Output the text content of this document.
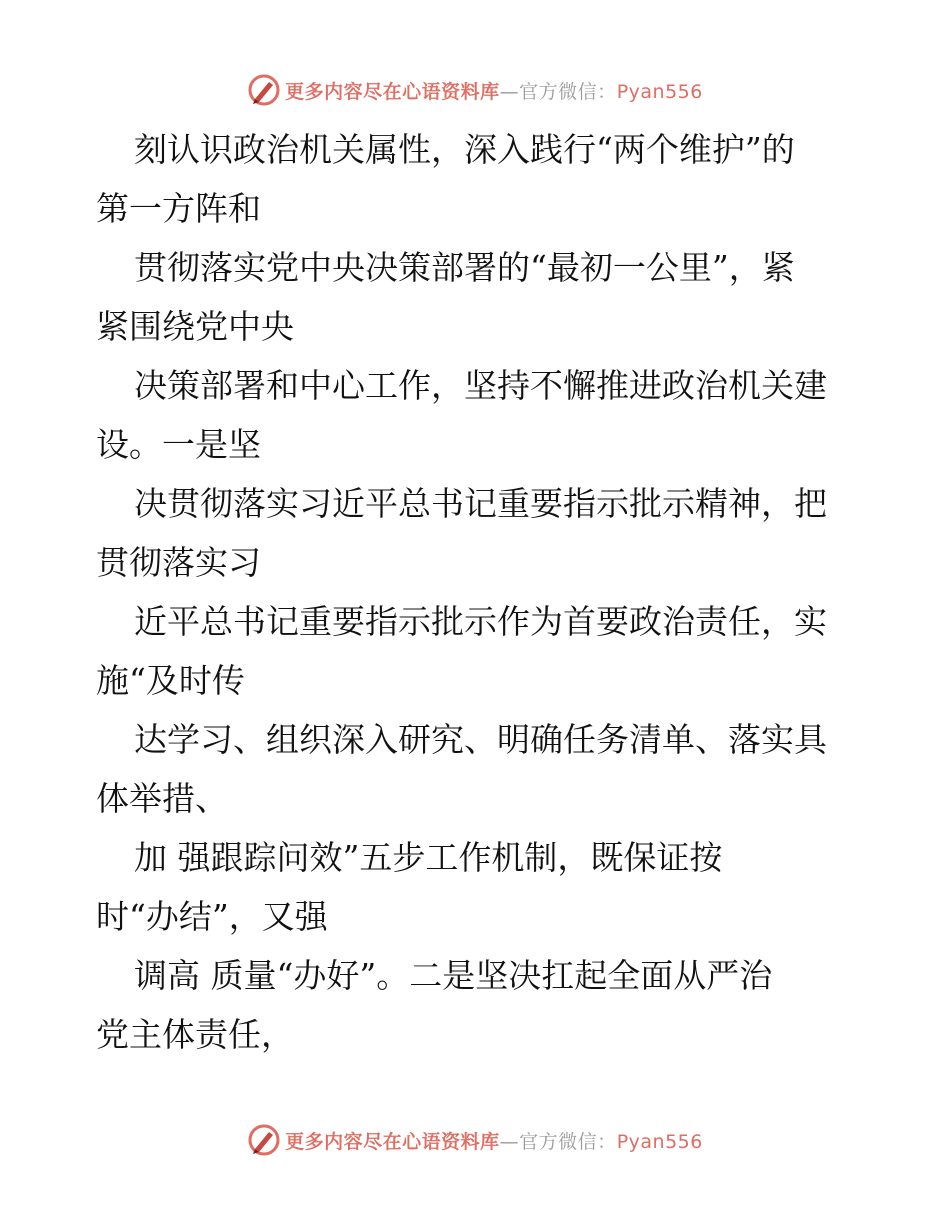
更多内容尽在心语资料库—官方微信：Pyan556

刻认识政治机关属性，深入践行“两个维护”的
第一方阵和

贯彻落实党中央决策部署的“最初一公里”，紧
紧围绕党中央

决策部署和中心工作，坚持不懈推进政治机关建
设。一是坚

决贯彻落实习近平总书记重要指示批示精神，把
贯彻落实习

近平总书记重要指示批示作为首要政治责任，实
施“及时传

达学习、组织深入研究、明确任务清单、落实具
体举措、

加 强跟踪问效”五步工作机制，既保证按
时“办结”，又强

调高 质量“办好”。二是坚决扛起全面从严治
党主体责任，

更多内容尽在心语资料库—官方微信：Pyan556
